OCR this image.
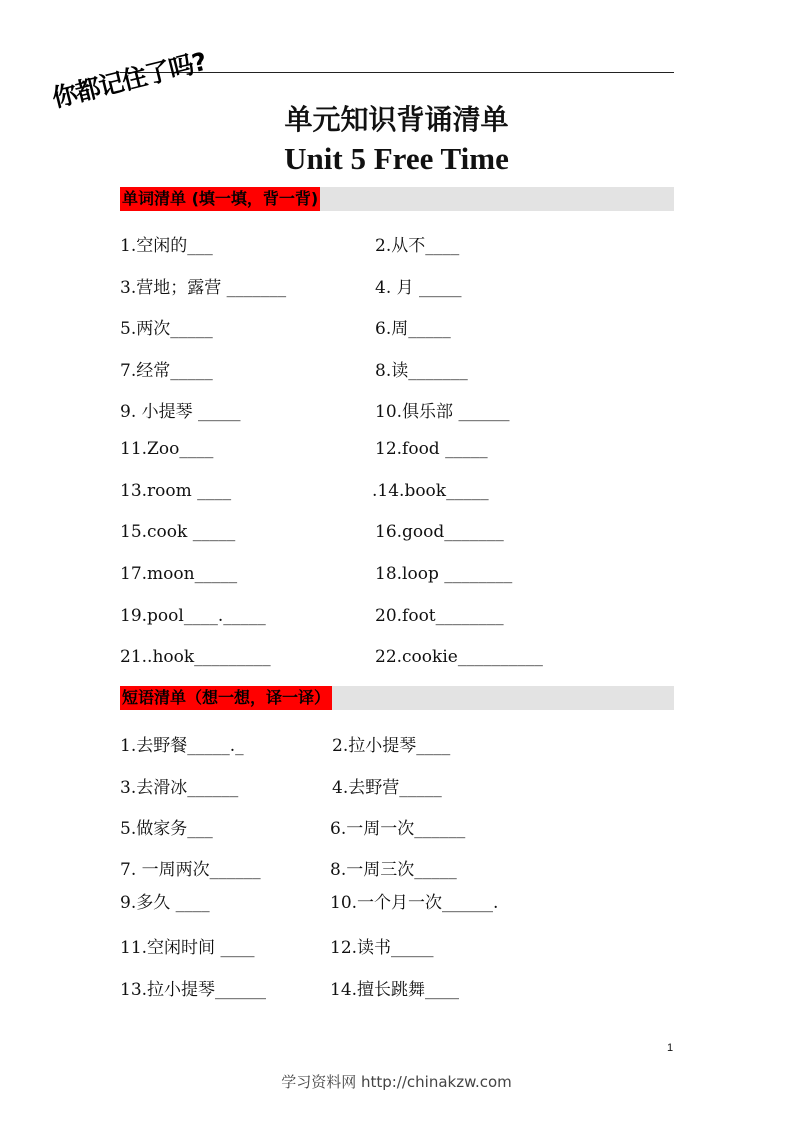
你都记住了吗?
单元知识背诵清单
Unit 5 Free Time
单词清单 (填一填，背一背)
1.空闲的___	2.从不____
3.营地；露营 _______	4. 月 _____
5.两次_____	6.周_____
7.经常_____	8.读_______
9. 小提琴 _____	10.俱乐部 ______
11.Zoo____	12.food _____
13.room ____	.14.book_____
15.cook _____	16.good_______
17.moon_____	18.loop ________
19.pool____._____	20.foot________
21..hook_________	22.cookie__________
短语清单（想一想，译一译）
1.去野餐_____._	2.拉小提琴____
3.去滑冰______	4.去野营_____
5.做家务___	6.一周一次______
7. 一周两次______	8.一周三次_____
9.多久 ____	10.一个月一次______.
11.空闲时间 ____	12.读书_____
13.拉小提琴______	14.擅长跳舞____
1
学习资料网 http://chinakzw.com
